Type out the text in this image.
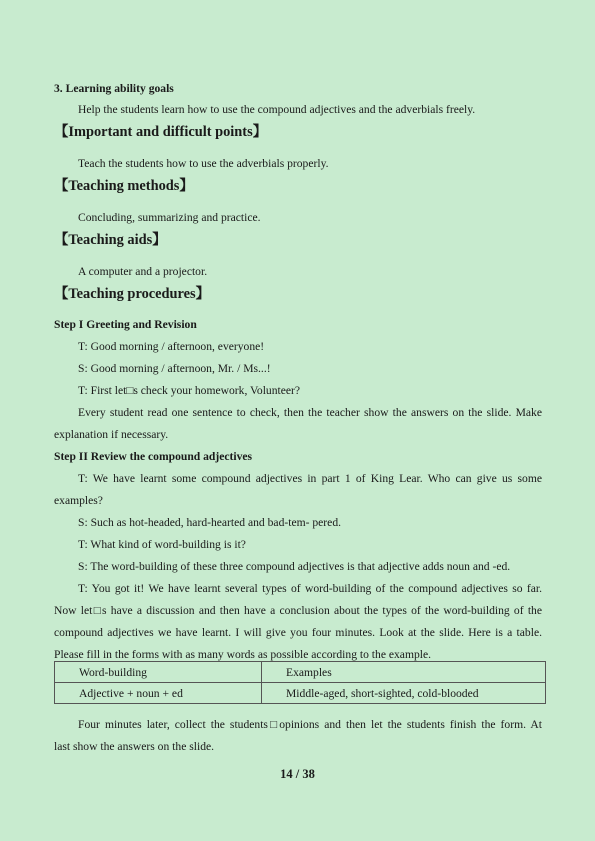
3. Learning ability goals
Help the students learn how to use the compound adjectives and the adverbials freely.
【Important and difficult points】
Teach the students how to use the adverbials properly.
【Teaching methods】
Concluding, summarizing and practice.
【Teaching aids】
A computer and a projector.
【Teaching procedures】
Step I Greeting and Revision
T: Good morning / afternoon, everyone!
S: Good morning / afternoon, Mr. / Ms...!
T: First let□s check your homework, Volunteer?
Every student read one sentence to check, then the teacher show the answers on the slide. Make
explanation if necessary.
Step II Review the compound adjectives
T: We have learnt some compound adjectives in part 1 of King Lear. Who can give us some
examples?
S: Such as hot-headed, hard-hearted and bad-tem- pered.
T: What kind of word-building is it?
S: The word-building of these three compound adjectives is that adjective adds noun and -ed.
T: You got it! We have learnt several types of word-building of the compound adjectives so far.
Now let□s have a discussion and then have a conclusion about the types of the word-building of the
compound adjectives we have learnt. I will give you four minutes. Look at the slide. Here is a table.
Please fill in the forms with as many words as possible according to the example.
Word-building	Examples
Adjective + noun + ed	Middle-aged, short-sighted, cold-blooded
Four minutes later, collect the students□opinions and then let the students finish the form. At
last show the answers on the slide.
14 / 38
